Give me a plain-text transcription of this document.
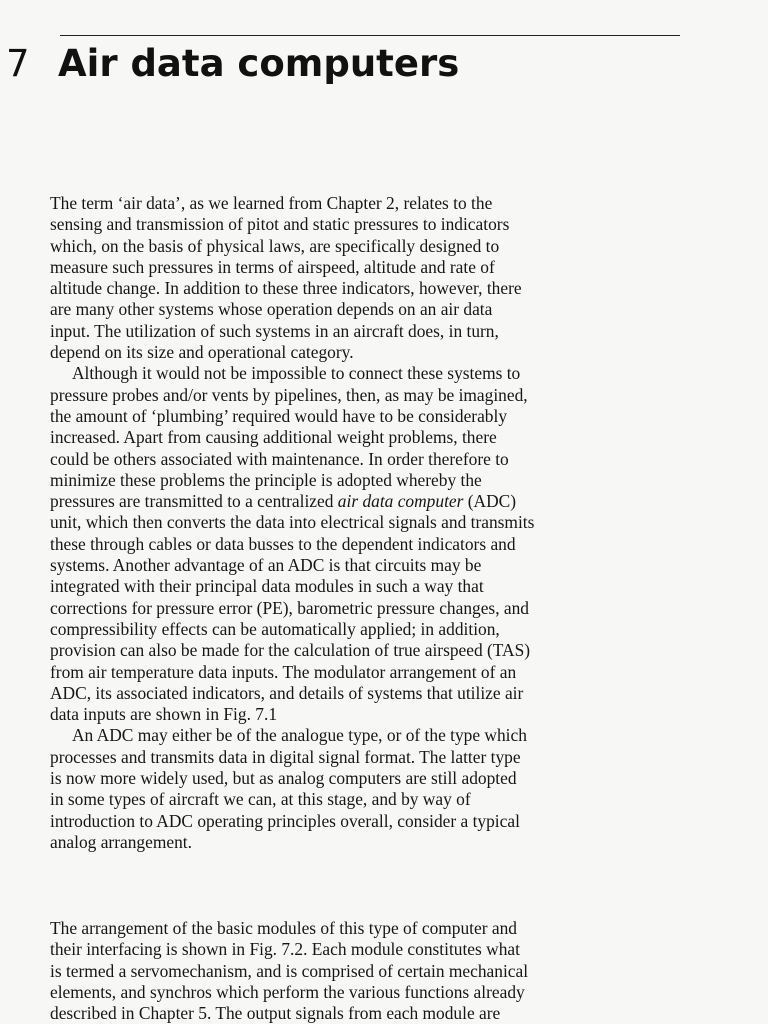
7 Air data computers
The term ‘air data’, as we learned from Chapter 2, relates to the
sensing and transmission of pitot and static pressures to indicators
which, on the basis of physical laws, are specifically designed to
measure such pressures in terms of airspeed, altitude and rate of
altitude change. In addition to these three indicators, however, there
are many other systems whose operation depends on an air data
input. The utilization of such systems in an aircraft does, in turn,
depend on its size and operational category.
Although it would not be impossible to connect these systems to
pressure probes and/or vents by pipelines, then, as may be imagined,
the amount of ‘plumbing’ required would have to be considerably
increased. Apart from causing additional weight problems, there
could be others associated with maintenance. In order therefore to
minimize these problems the principle is adopted whereby the
pressures are transmitted to a centralized air data computer (ADC)
unit, which then converts the data into electrical signals and transmits
these through cables or data busses to the dependent indicators and
systems. Another advantage of an ADC is that circuits may be
integrated with their principal data modules in such a way that
corrections for pressure error (PE), barometric pressure changes, and
compressibility effects can be automatically applied; in addition,
provision can also be made for the calculation of true airspeed (TAS)
from air temperature data inputs. The modulator arrangement of an
ADC, its associated indicators, and details of systems that utilize air
data inputs are shown in Fig. 7.1
An ADC may either be of the analogue type, or of the type which
processes and transmits data in digital signal format. The latter type
is now more widely used, but as analog computers are still adopted
in some types of aircraft we can, at this stage, and by way of
introduction to ADC operating principles overall, consider a typical
analog arrangement.
The arrangement of the basic modules of this type of computer and
their interfacing is shown in Fig. 7.2. Each module constitutes what
is termed a servomechanism, and is comprised of certain mechanical
elements, and synchros which perform the various functions already
described in Chapter 5. The output signals from each module are
